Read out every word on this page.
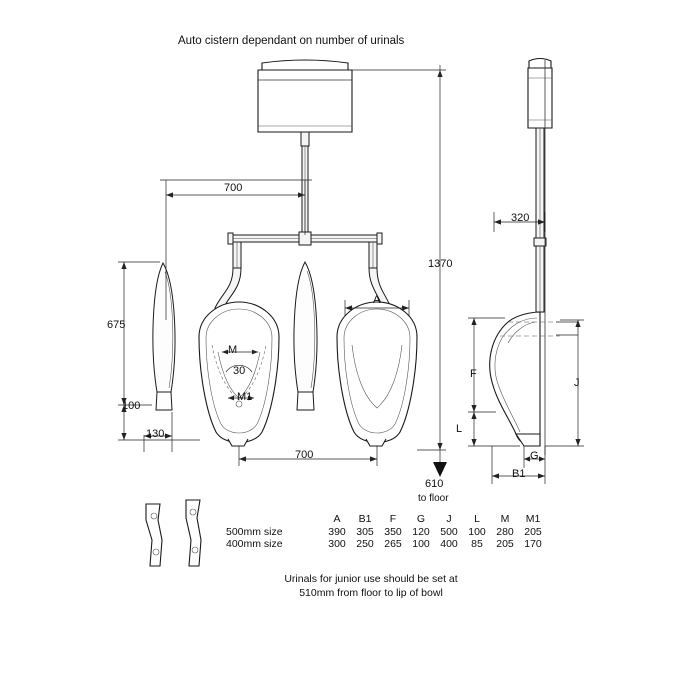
Auto cistern dependant on number of urinals
700
1370
675
100
130
700
A
M
30
M1
320
F
J
L
G
B1
610
to floor
	A	B1	F	G	J	L	M	M1
500mm size	390	305	350	120	500	100	280	205
400mm size	300	250	265	100	400	85	205	170
Urinals for junior use should be set at
510mm from floor to lip of bowl
